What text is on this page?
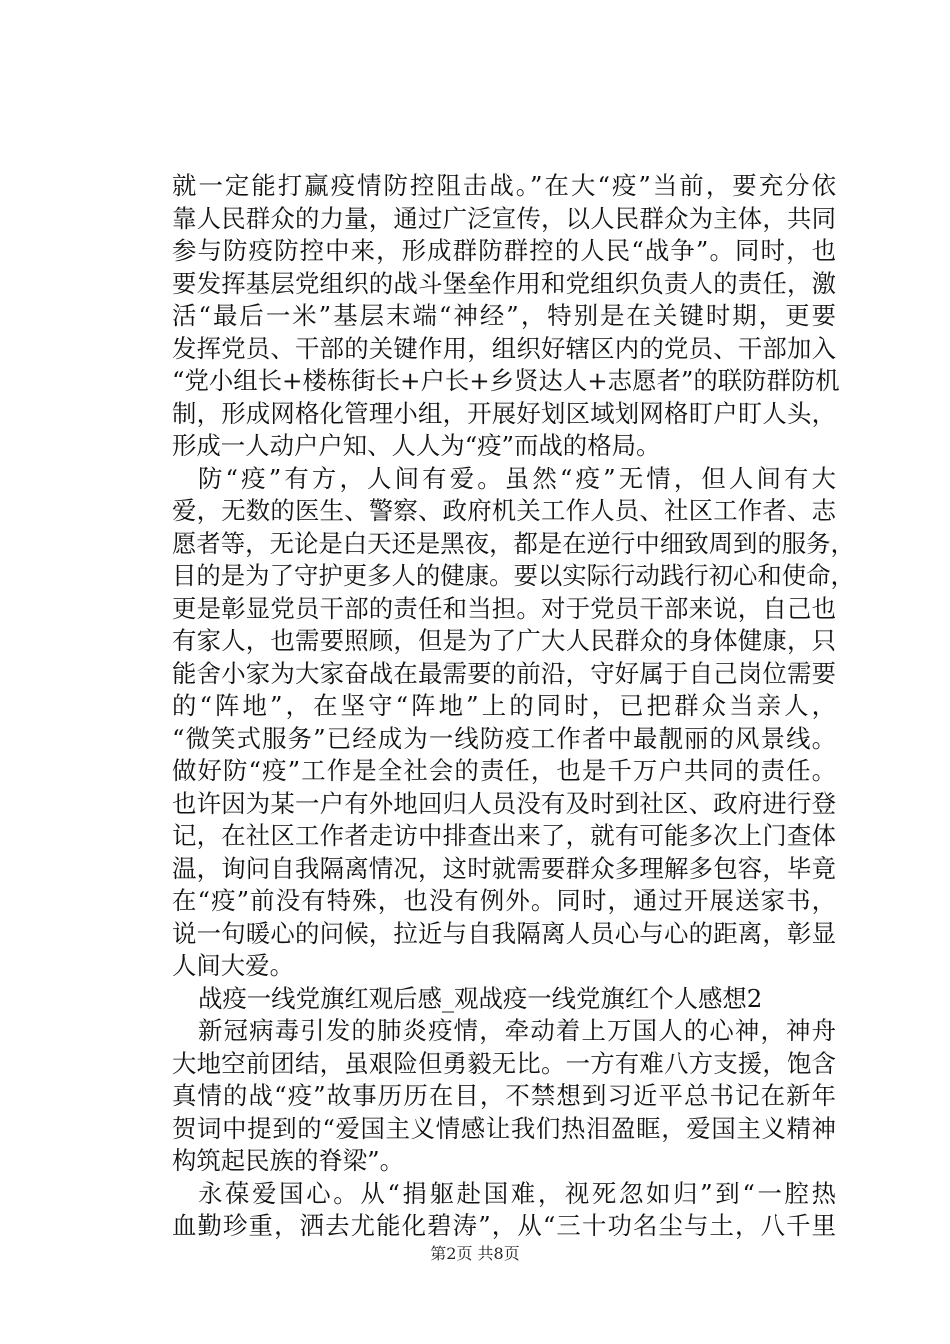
就一定能打赢疫情防控阻击战。”在大“疫”当前，要充分依
靠人民群众的力量，通过广泛宣传，以人民群众为主体，共同
参与防疫防控中来，形成群防群控的人民“战争”。同时，也
要发挥基层党组织的战斗堡垒作用和党组织负责人的责任，激
活“最后一米”基层末端“神经”，特别是在关键时期，更要
发挥党员、干部的关键作用，组织好辖区内的党员、干部加入
“党小组长+楼栋街长+户长+乡贤达人+志愿者”的联防群防机
制，形成网格化管理小组，开展好划区域划网格盯户盯人头，
形成一人动户户知、人人为“疫”而战的格局。
防“疫”有方，人间有爱。虽然“疫”无情，但人间有大
爱，无数的医生、警察、政府机关工作人员、社区工作者、志
愿者等，无论是白天还是黑夜，都是在逆行中细致周到的服务，
目的是为了守护更多人的健康。要以实际行动践行初心和使命，
更是彰显党员干部的责任和当担。对于党员干部来说，自己也
有家人，也需要照顾，但是为了广大人民群众的身体健康，只
能舍小家为大家奋战在最需要的前沿，守好属于自己岗位需要
的“阵地”，在坚守“阵地”上的同时，已把群众当亲人，
“微笑式服务”已经成为一线防疫工作者中最靓丽的风景线。
做好防“疫”工作是全社会的责任，也是千万户共同的责任。
也许因为某一户有外地回归人员没有及时到社区、政府进行登
记，在社区工作者走访中排查出来了，就有可能多次上门查体
温，询问自我隔离情况，这时就需要群众多理解多包容，毕竟
在“疫”前没有特殊，也没有例外。同时，通过开展送家书，
说一句暖心的问候，拉近与自我隔离人员心与心的距离，彰显
人间大爱。
战疫一线党旗红观后感_观战疫一线党旗红个人感想2
新冠病毒引发的肺炎疫情，牵动着上万国人的心神，神舟
大地空前团结，虽艰险但勇毅无比。一方有难八方支援，饱含
真情的战“疫”故事历历在目，不禁想到习近平总书记在新年
贺词中提到的“爱国主义情感让我们热泪盈眶，爱国主义精神
构筑起民族的脊梁”。
永葆爱国心。从“捐躯赴国难，视死忽如归”到“一腔热
血勤珍重，洒去尤能化碧涛”，从“三十功名尘与土，八千里
第2页 共8页
